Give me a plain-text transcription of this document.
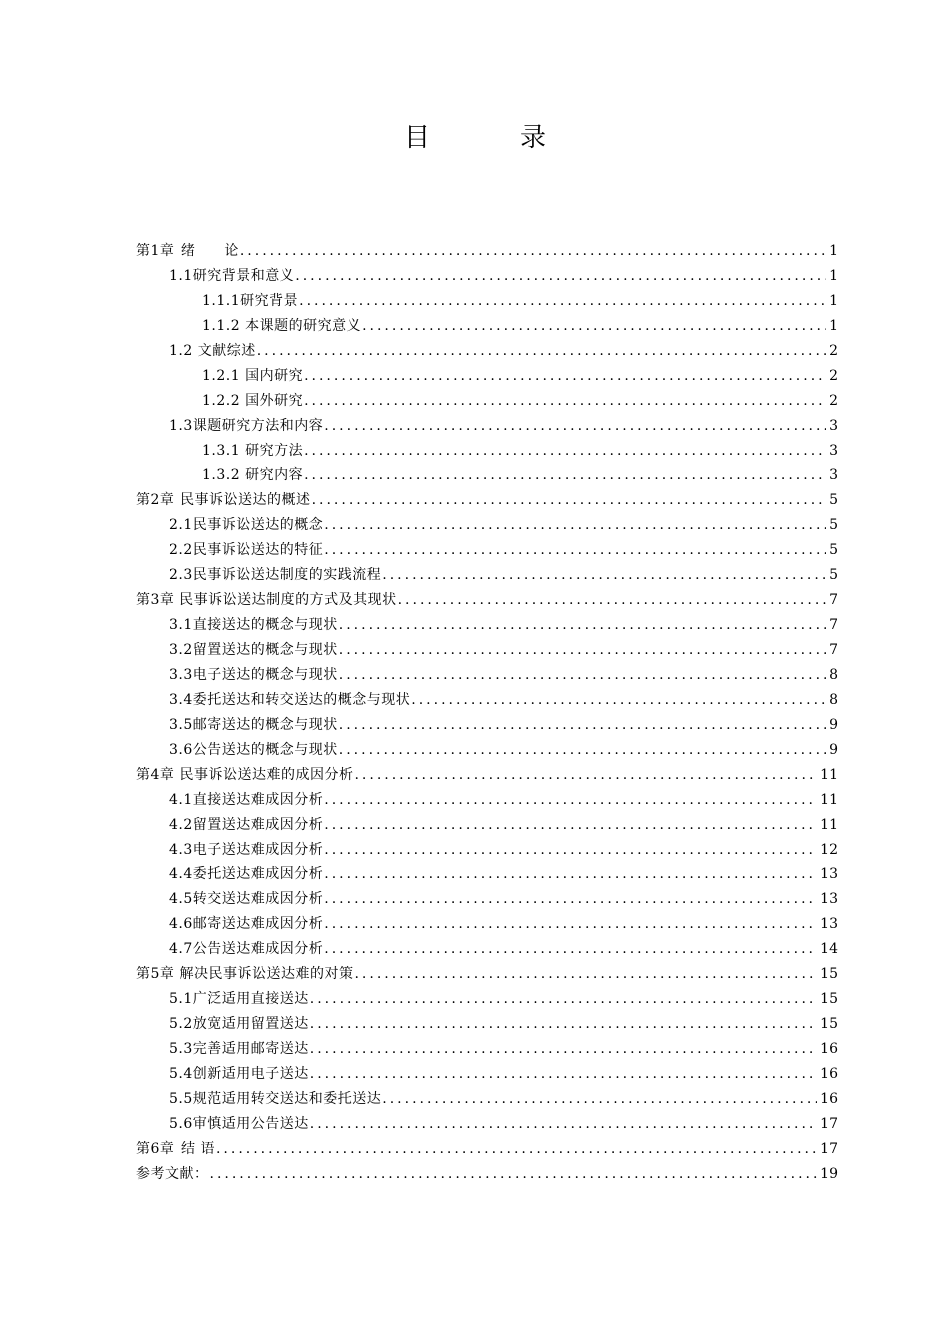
目　录
第1章 绪　　论 .....	1
1.1研究背景和意义 .....	1
1.1.1研究背景 .....	1
1.1.2 本课题的研究意义 .....	1
1.2 文献综述 .....	2
1.2.1 国内研究 .....	2
1.2.2 国外研究 .....	2
1.3课题研究方法和内容 .....	3
1.3.1 研究方法 .....	3
1.3.2 研究内容 .....	3
第2章 民事诉讼送达的概述 .....	5
2.1民事诉讼送达的概念 .....	5
2.2民事诉讼送达的特征 .....	5
2.3民事诉讼送达制度的实践流程 .....	5
第3章 民事诉讼送达制度的方式及其现状 .....	7
3.1直接送达的概念与现状 .....	7
3.2留置送达的概念与现状 .....	7
3.3电子送达的概念与现状 .....	8
3.4委托送达和转交送达的概念与现状 .....	8
3.5邮寄送达的概念与现状 .....	9
3.6公告送达的概念与现状 .....	9
第4章 民事诉讼送达难的成因分析 .....	11
4.1直接送达难成因分析 .....	11
4.2留置送达难成因分析 .....	11
4.3电子送达难成因分析 .....	12
4.4委托送达难成因分析 .....	13
4.5转交送达难成因分析 .....	13
4.6邮寄送达难成因分析 .....	13
4.7公告送达难成因分析 .....	14
第5章 解决民事诉讼送达难的对策 .....	15
5.1广泛适用直接送达 .....	15
5.2放宽适用留置送达 .....	15
5.3完善适用邮寄送达 .....	16
5.4创新适用电子送达 .....	16
5.5规范适用转交送达和委托送达 .....	16
5.6审慎适用公告送达 .....	17
第6章 结 语 .....	17
参考文献： .....	19
